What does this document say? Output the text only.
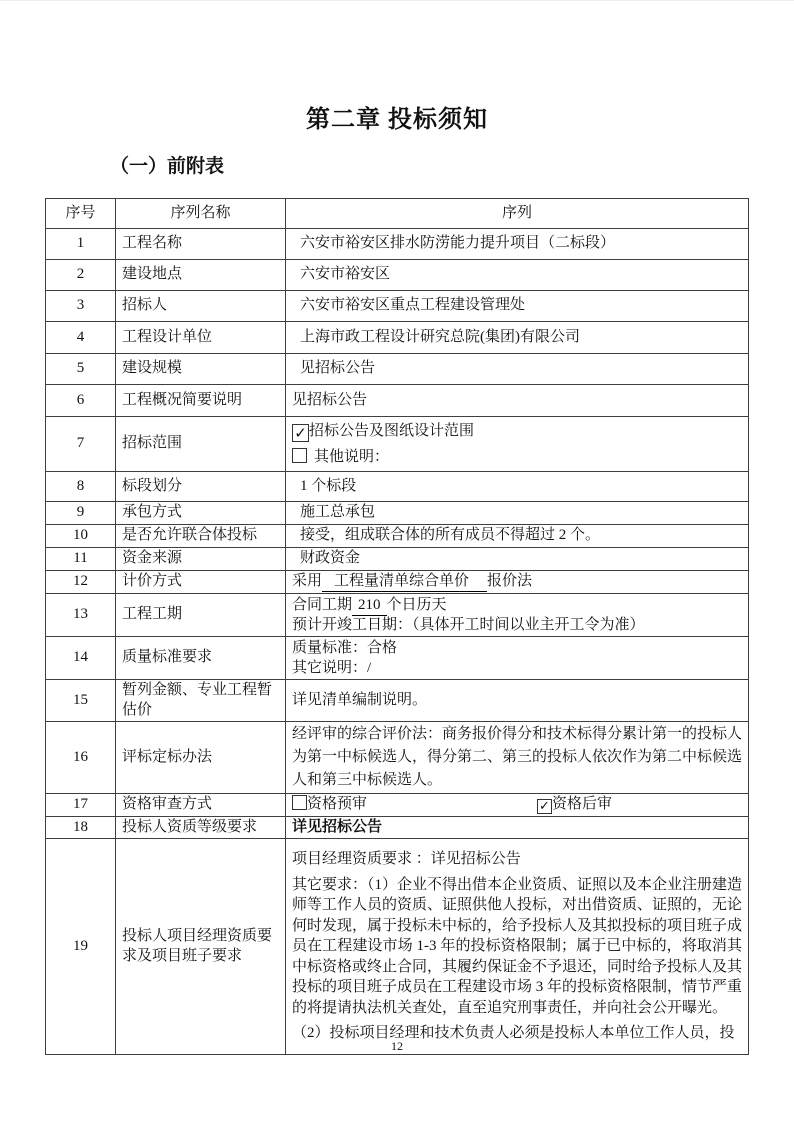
第二章 投标须知
（一）前附表
序号	序列名称	序列
1	工程名称	六安市裕安区排水防涝能力提升项目（二标段）
2	建设地点	六安市裕安区
3	招标人	六安市裕安区重点工程建设管理处
4	工程设计单位	上海市政工程设计研究总院(集团)有限公司
5	建设规模	见招标公告
6	工程概况简要说明	见招标公告
7	招标范围	✓ 招标公告及图纸设计范围
其他说明：

8	标段划分	1 个标段
9	承包方式	施工总承包
10	是否允许联合体投标	接受，组成联合体的所有成员不得超过 2 个。
11	资金来源	财政资金
12	计价方式	采用 工程量清单综合单价 报价法
13	工程工期	合同工期 210 个日历天
预计开竣工日期：（具体开工时间以业主开工令为准）

14	质量标准要求	质量标准：合格
其它说明：/

15	暂列金额、专业工程暂估价	详见清单编制说明。
16	评标定标办法	经评审的综合评价法：商务报价得分和技术标得分累计第一的投标人为第一中标候选人，得分第二、第三的投标人依次作为第二中标候选人和第三中标候选人。
17	资格审查方式	资格预审 ✓ 资格后审
18	投标人资质等级要求	详见招标公告
19	投标人项目经理资质要求及项目班子要求	项目经理资质要求 ：详见招标公告

其它要求：（1）企业不得出借本企业资质、证照以及本企业注册建造师等工作人员的资质、证照供他人投标，对出借资质、证照的，无论何时发现，属于投标未中标的，给予投标人及其拟投标的项目班子成员在工程建设市场 1-3 年的投标资格限制；属于已中标的，将取消其中标资格或终止合同，其履约保证金不予退还，同时给予投标人及其投标的项目班子成员在工程建设市场 3 年的投标资格限制，情节严重的将提请执法机关查处，直至追究刑事责任，并向社会公开曝光。

（2）投标项目经理和技术负责人必须是投标人本单位工作人员，投

12
